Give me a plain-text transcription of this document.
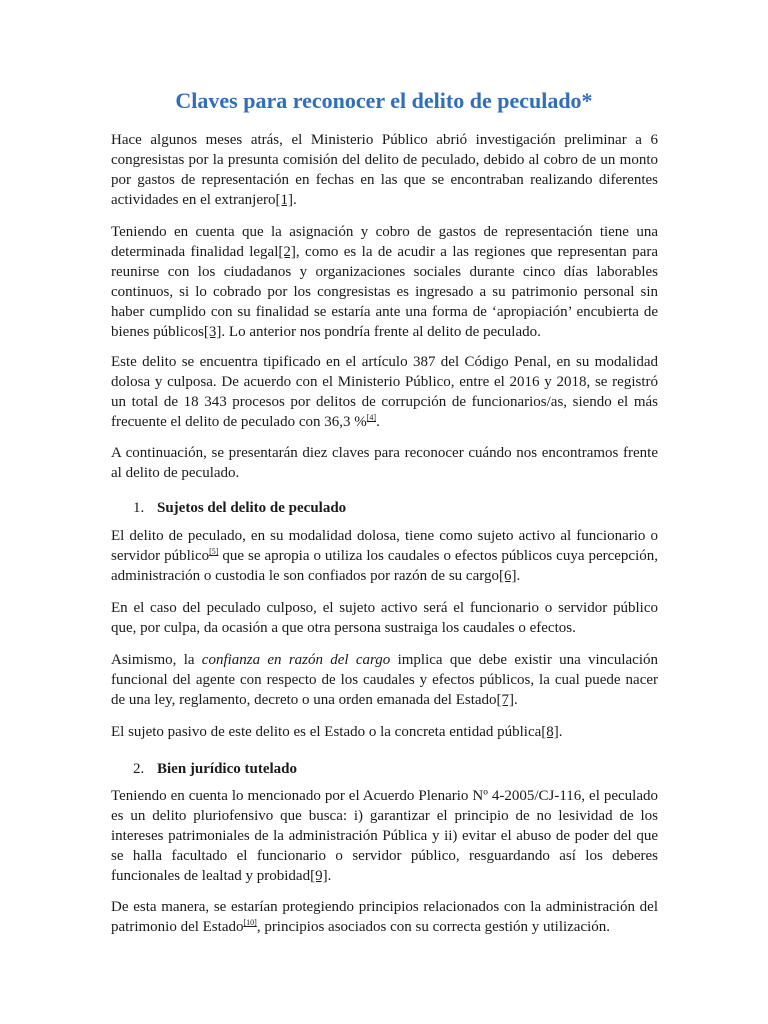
Claves para reconocer el delito de peculado*

Hace algunos meses atrás, el Ministerio Público abrió investigación preliminar a 6 congresistas por la presunta comisión del delito de peculado, debido al cobro de un monto por gastos de representación en fechas en las que se encontraban realizando diferentes actividades en el extranjero[1].

Teniendo en cuenta que la asignación y cobro de gastos de representación tiene una determinada finalidad legal[2], como es la de acudir a las regiones que representan para reunirse con los ciudadanos y organizaciones sociales durante cinco días laborables continuos, si lo cobrado por los congresistas es ingresado a su patrimonio personal sin haber cumplido con su finalidad se estaría ante una forma de ‘apropiación’ encubierta de bienes públicos[3]. Lo anterior nos pondría frente al delito de peculado.

Este delito se encuentra tipificado en el artículo 387 del Código Penal, en su modalidad dolosa y culposa. De acuerdo con el Ministerio Público, entre el 2016 y 2018, se registró un total de 18 343 procesos por delitos de corrupción de funcionarios/as, siendo el más frecuente el delito de peculado con 36,3 %[4].

A continuación, se presentarán diez claves para reconocer cuándo nos encontramos frente al delito de peculado.

1. Sujetos del delito de peculado

El delito de peculado, en su modalidad dolosa, tiene como sujeto activo al funcionario o servidor público[5] que se apropia o utiliza los caudales o efectos públicos cuya percepción, administración o custodia le son confiados por razón de su cargo[6].

En el caso del peculado culposo, el sujeto activo será el funcionario o servidor público que, por culpa, da ocasión a que otra persona sustraiga los caudales o efectos.

Asimismo, la confianza en razón del cargo implica que debe existir una vinculación funcional del agente con respecto de los caudales y efectos públicos, la cual puede nacer de una ley, reglamento, decreto o una orden emanada del Estado[7].

El sujeto pasivo de este delito es el Estado o la concreta entidad pública[8].

2. Bien jurídico tutelado

Teniendo en cuenta lo mencionado por el Acuerdo Plenario Nº 4-2005/CJ-116, el peculado es un delito pluriofensivo que busca: i) garantizar el principio de no lesividad de los intereses patrimoniales de la administración Pública y ii) evitar el abuso de poder del que se halla facultado el funcionario o servidor público, resguardando así los deberes funcionales de lealtad y probidad[9].

De esta manera, se estarían protegiendo principios relacionados con la administración del patrimonio del Estado[10], principios asociados con su correcta gestión y utilización.
